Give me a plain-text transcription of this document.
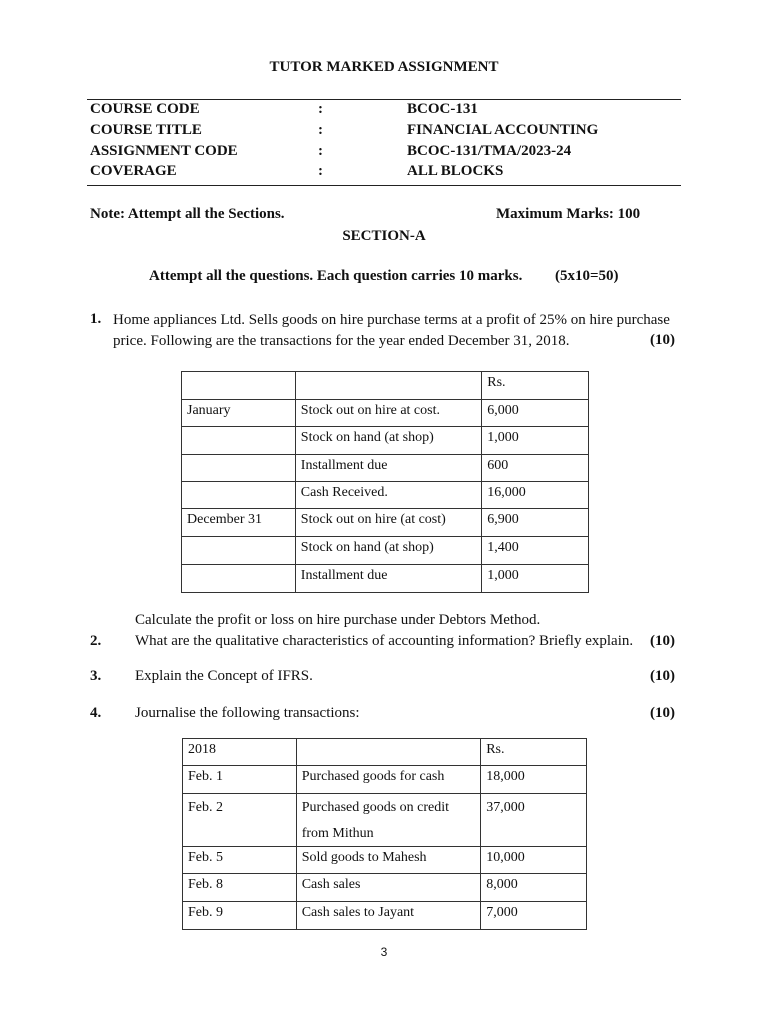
TUTOR MARKED ASSIGNMENT
COURSE CODE	:	BCOC-131
COURSE TITLE	:	FINANCIAL ACCOUNTING
ASSIGNMENT CODE	:	BCOC-131/TMA/2023-24
COVERAGE	:	ALL BLOCKS
Note: Attempt all the Sections.	Maximum Marks: 100
SECTION-A
Attempt all the questions. Each question carries 10 marks. (5x10=50)
1. Home appliances Ltd. Sells goods on hire purchase terms at a profit of 25% on hire purchase
price. Following are the transactions for the year ended December 31, 2018.	(10)
		Rs.
January	Stock out on hire at cost.	6,000
	Stock on hand (at shop)	1,000
	Installment due	600
	Cash Received.	16,000
December 31	Stock out on hire (at cost)	6,900
	Stock on hand (at shop)	1,400
	Installment due	1,000
Calculate the profit or loss on hire purchase under Debtors Method.
2. What are the qualitative characteristics of accounting information? Briefly explain. (10)
3. Explain the Concept of IFRS.	(10)
4. Journalise the following transactions:	(10)
2018		Rs.
Feb. 1	Purchased goods for cash	18,000

Feb. 2	Purchased goods on credit
from Mithun	37,000

Feb. 5	Sold goods to Mahesh	10,000
Feb. 8	Cash sales	8,000
Feb. 9	Cash sales to Jayant	7,000
3
